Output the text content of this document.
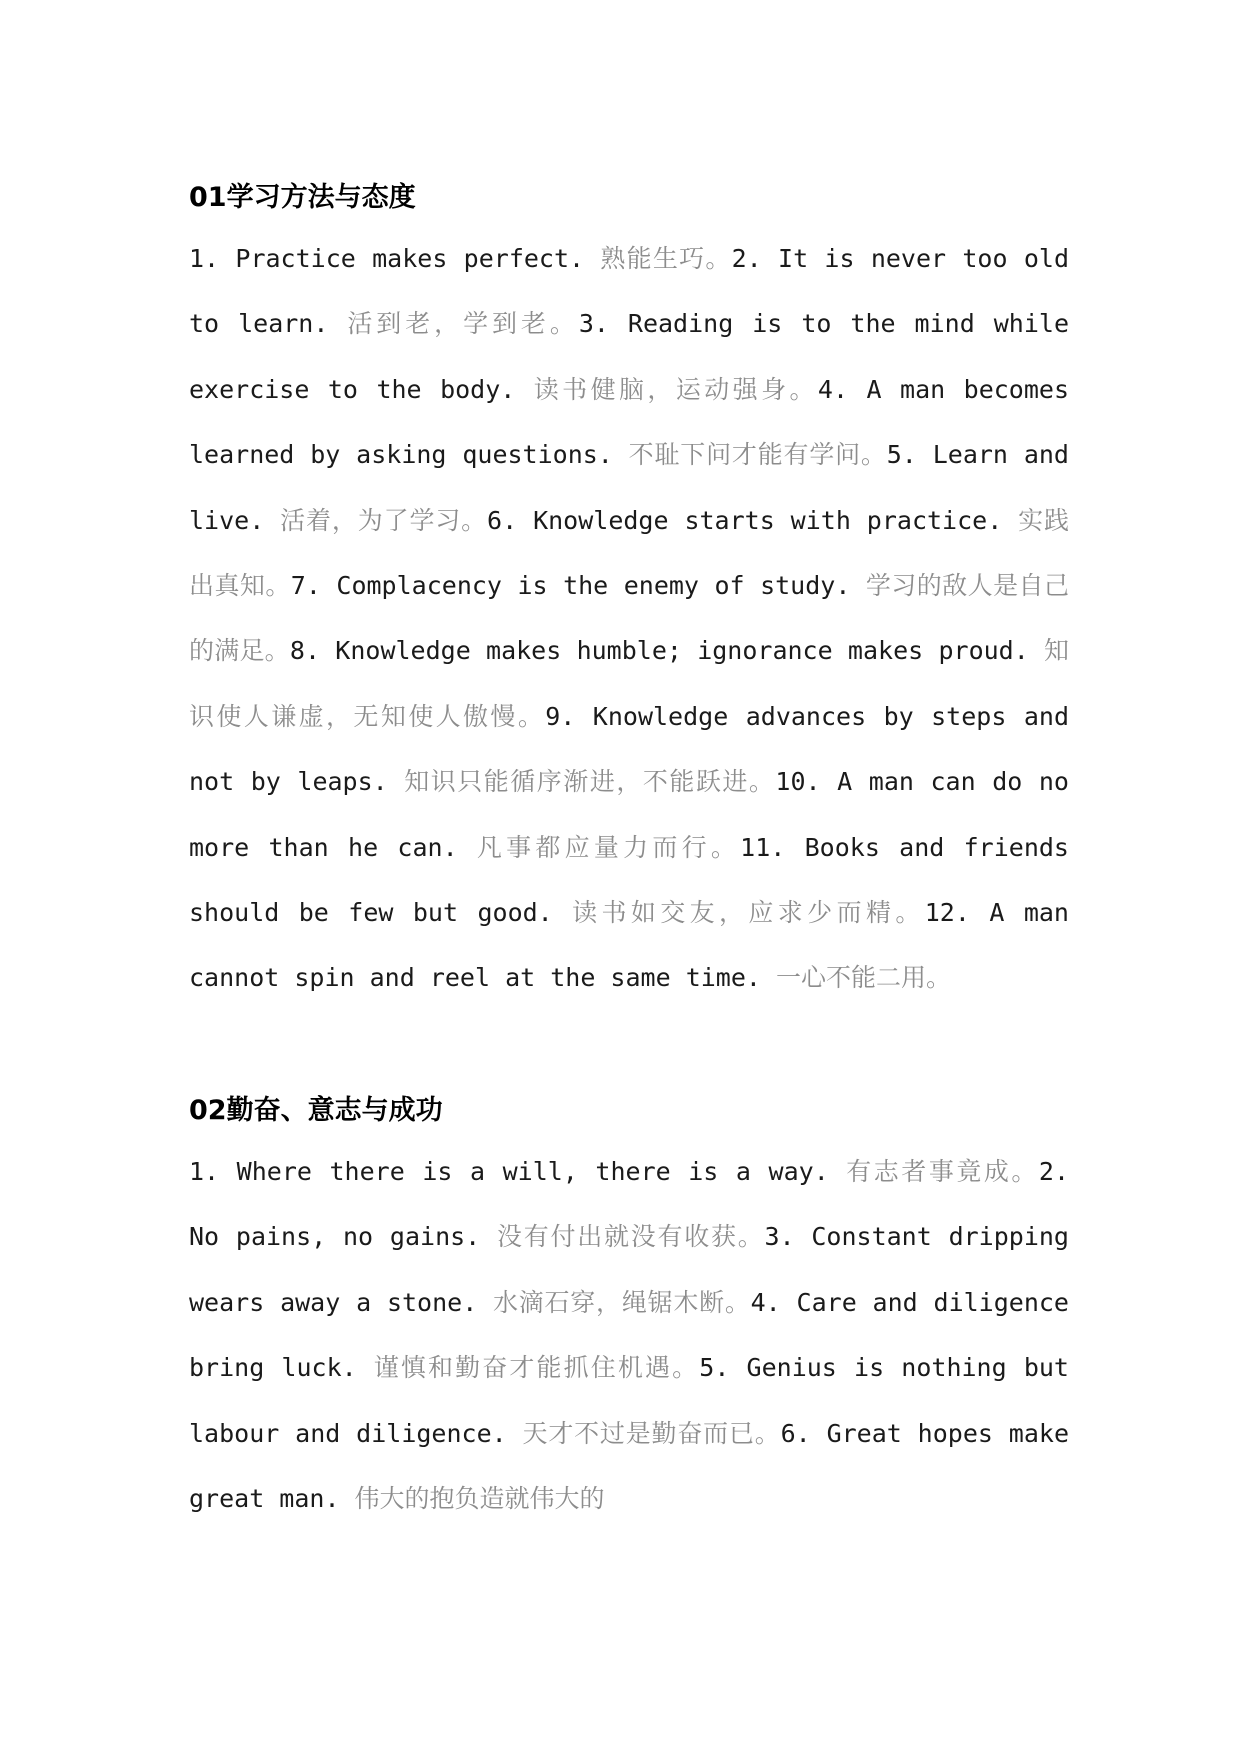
01学习方法与态度

1. Practice makes perfect. 熟能生巧。2. It is never too old to learn. 活到老，学到老。3. Reading is to the mind while exercise to the body. 读书健脑，运动强身。4. A man becomes learned by asking questions. 不耻下问才能有学问。5. Learn and live. 活着，为了学习。6. Knowledge starts with practice. 实践出真知。7. Complacency is the enemy of study. 学习的敌人是自己的满足。8. Knowledge makes humble; ignorance makes proud. 知识使人谦虚，无知使人傲慢。9. Knowledge advances by steps and not by leaps. 知识只能循序渐进，不能跃进。10. A man can do no more than he can. 凡事都应量力而行。11. Books and friends should be few but good. 读书如交友，应求少而精。12. A man cannot spin and reel at the same time. 一心不能二用。

02勤奋、意志与成功

1. Where there is a will, there is a way. 有志者事竟成。2. No pains, no gains. 没有付出就没有收获。3. Constant dripping wears away a stone. 水滴石穿，绳锯木断。4. Care and diligence bring luck. 谨慎和勤奋才能抓住机遇。5. Genius is nothing but labour and diligence. 天才不过是勤奋而已。6. Great hopes make great man. 伟大的抱负造就伟大的
